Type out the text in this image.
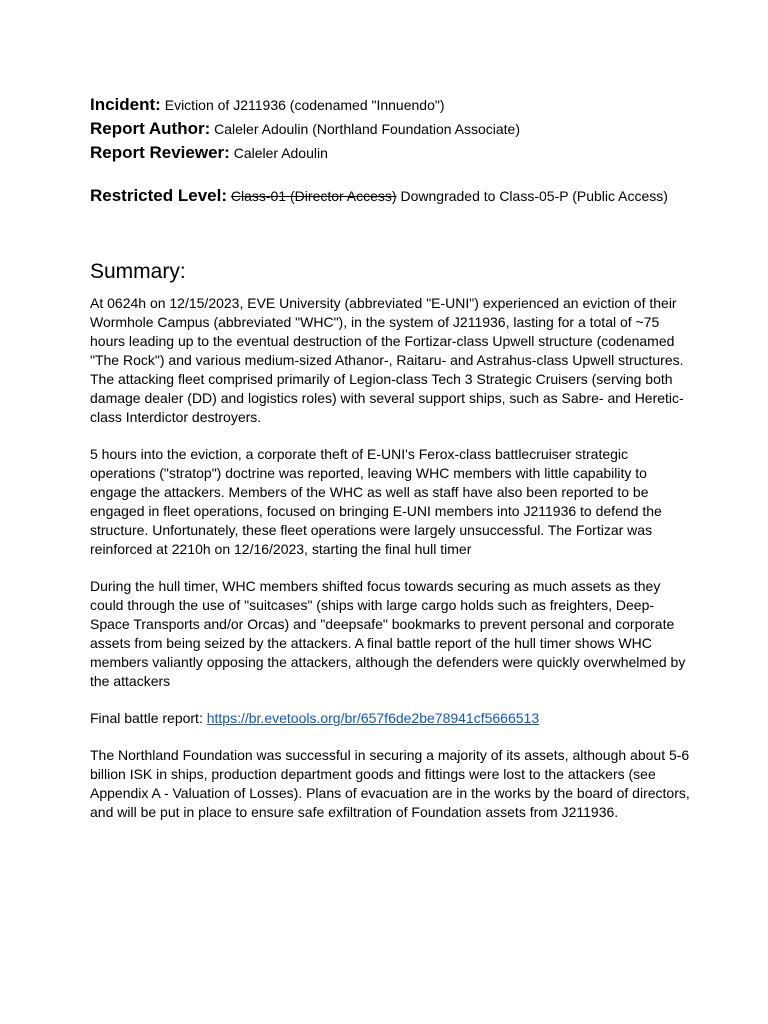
Incident: Eviction of J211936 (codenamed "Innuendo")
Report Author: Caleler Adoulin (Northland Foundation Associate)
Report Reviewer: Caleler Adoulin
Restricted Level: Class-01 (Director Access) Downgraded to Class-05-P (Public Access)
Summary:

At 0624h on 12/15/2023, EVE University (abbreviated "E-UNI") experienced an eviction of their Wormhole Campus (abbreviated "WHC"), in the system of J211936, lasting for a total of ~75 hours leading up to the eventual destruction of the Fortizar-class Upwell structure (codenamed "The Rock") and various medium-sized Athanor-, Raitaru- and Astrahus-class Upwell structures. The attacking fleet comprised primarily of Legion-class Tech 3 Strategic Cruisers (serving both damage dealer (DD) and logistics roles) with several support ships, such as Sabre- and Heretic-class Interdictor destroyers.

5 hours into the eviction, a corporate theft of E-UNI's Ferox-class battlecruiser strategic operations ("stratop") doctrine was reported, leaving WHC members with little capability to engage the attackers. Members of the WHC as well as staff have also been reported to be engaged in fleet operations, focused on bringing E-UNI members into J211936 to defend the structure. Unfortunately, these fleet operations were largely unsuccessful. The Fortizar was reinforced at 2210h on 12/16/2023, starting the final hull timer

During the hull timer, WHC members shifted focus towards securing as much assets as they could through the use of "suitcases" (ships with large cargo holds such as freighters, Deep-Space Transports and/or Orcas) and "deepsafe" bookmarks to prevent personal and corporate assets from being seized by the attackers. A final battle report of the hull timer shows WHC members valiantly opposing the attackers, although the defenders were quickly overwhelmed by the attackers

Final battle report: https://br.evetools.org/br/657f6de2be78941cf5666513

The Northland Foundation was successful in securing a majority of its assets, although about 5-6 billion ISK in ships, production department goods and fittings were lost to the attackers (see Appendix A - Valuation of Losses). Plans of evacuation are in the works by the board of directors, and will be put in place to ensure safe exfiltration of Foundation assets from J211936.
